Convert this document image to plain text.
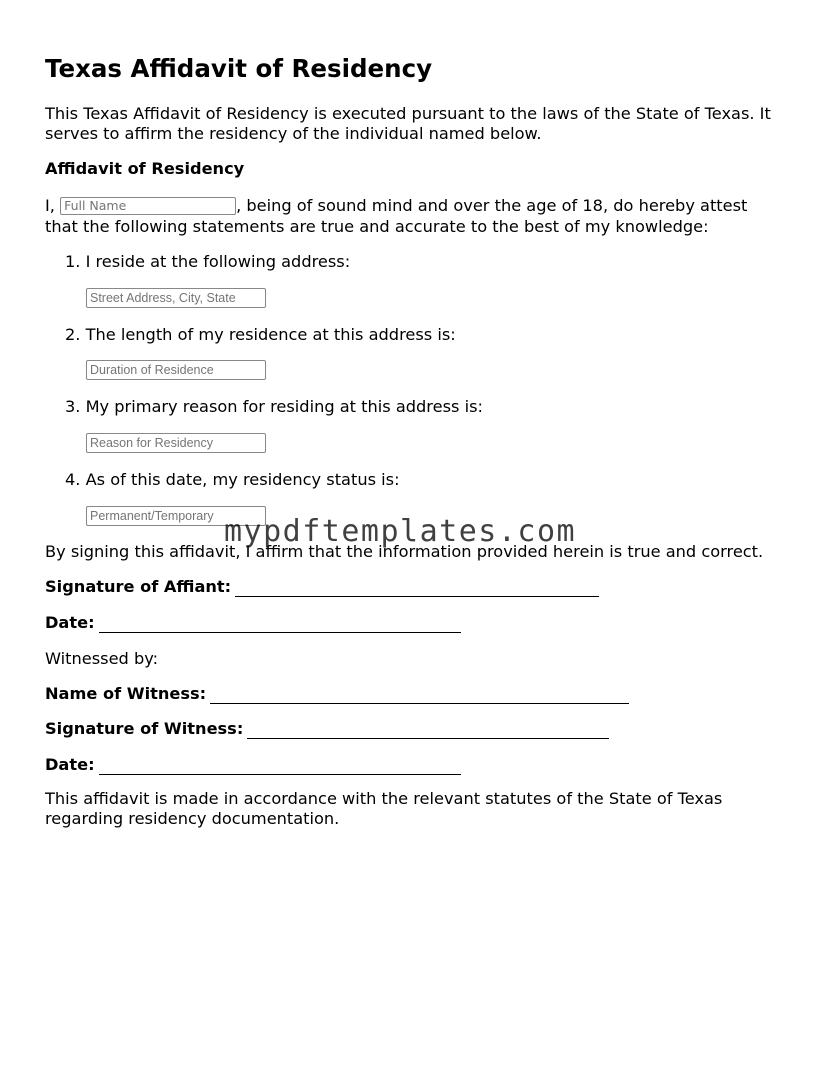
Texas Affidavit of Residency

This Texas Affidavit of Residency is executed pursuant to the laws of the State of Texas. It serves to affirm the residency of the individual named below.

Affidavit of Residency

I, Full Name	, being of sound mind and over the age of 18, do hereby attest that the following statements are true and accurate to the best of my knowledge:

1. I reside at the following address:
Street Address, City, State
2. The length of my residence at this address is:
Duration of Residence
3. My primary reason for residing at this address is:
Reason for Residency
4. As of this date, my residency status is:
Permanent/Temporary
By signing this affidavit, I affirm that the information provided herein is true and correct.
Signature of Affiant:
Date:
Witnessed by:
Name of Witness:
Signature of Witness:
Date:

This affidavit is made in accordance with the relevant statutes of the State of Texas regarding residency documentation.

mypdftemplates.com
